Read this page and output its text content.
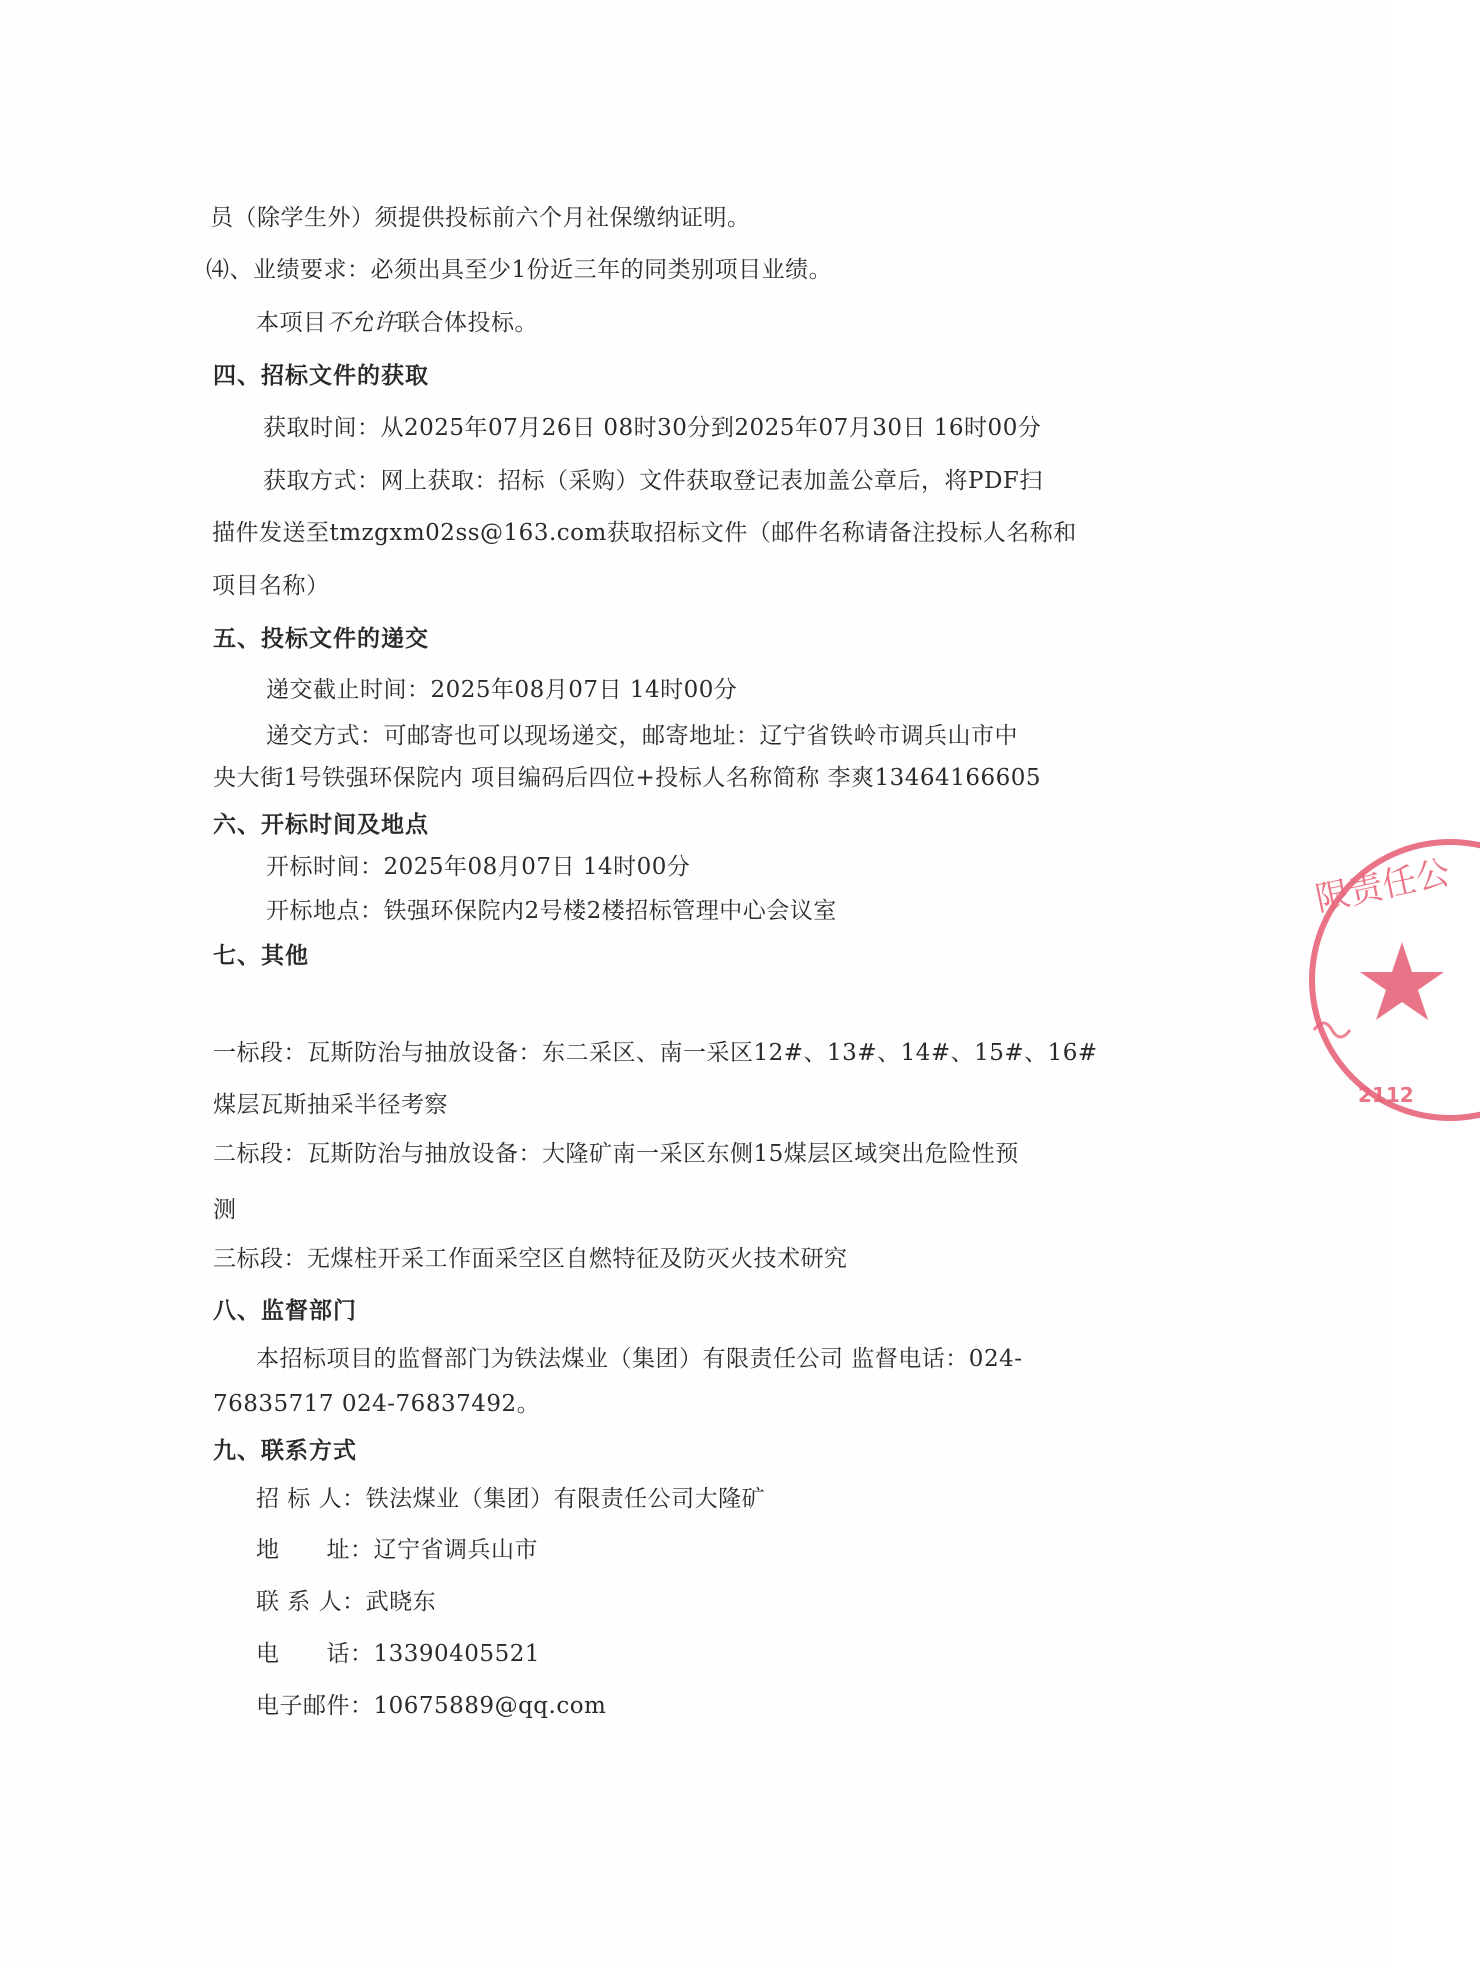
员（除学生外）须提供投标前六个月社保缴纳证明。
⑷、业绩要求：必须出具至少1份近三年的同类别项目业绩。
本项目不允许联合体投标。
四、招标文件的获取
获取时间：从2025年07月26日 08时30分到2025年07月30日 16时00分
获取方式：网上获取：招标（采购）文件获取登记表加盖公章后，将PDF扫
描件发送至tmzgxm02ss@163.com获取招标文件（邮件名称请备注投标人名称和
项目名称）
五、投标文件的递交
递交截止时间：2025年08月07日 14时00分
递交方式：可邮寄也可以现场递交，邮寄地址：辽宁省铁岭市调兵山市中
央大街1号铁强环保院内 项目编码后四位+投标人名称简称 李爽13464166605
六、开标时间及地点
开标时间：2025年08月07日 14时00分
开标地点：铁强环保院内2号楼2楼招标管理中心会议室
七、其他
一标段：瓦斯防治与抽放设备：东二采区、南一采区12#、13#、14#、15#、16#
煤层瓦斯抽采半径考察
二标段：瓦斯防治与抽放设备：大隆矿南一采区东侧15煤层区域突出危险性预
测
三标段：无煤柱开采工作面采空区自燃特征及防灭火技术研究
八、监督部门
本招标项目的监督部门为铁法煤业（集团）有限责任公司 监督电话：024-
76835717 024-76837492。
九、联系方式
招 标 人：铁法煤业（集团）有限责任公司大隆矿
地　　址：辽宁省调兵山市
联 系 人：武晓东
电　　话：13390405521
电子邮件：10675889@qq.com
限责任公
2112
